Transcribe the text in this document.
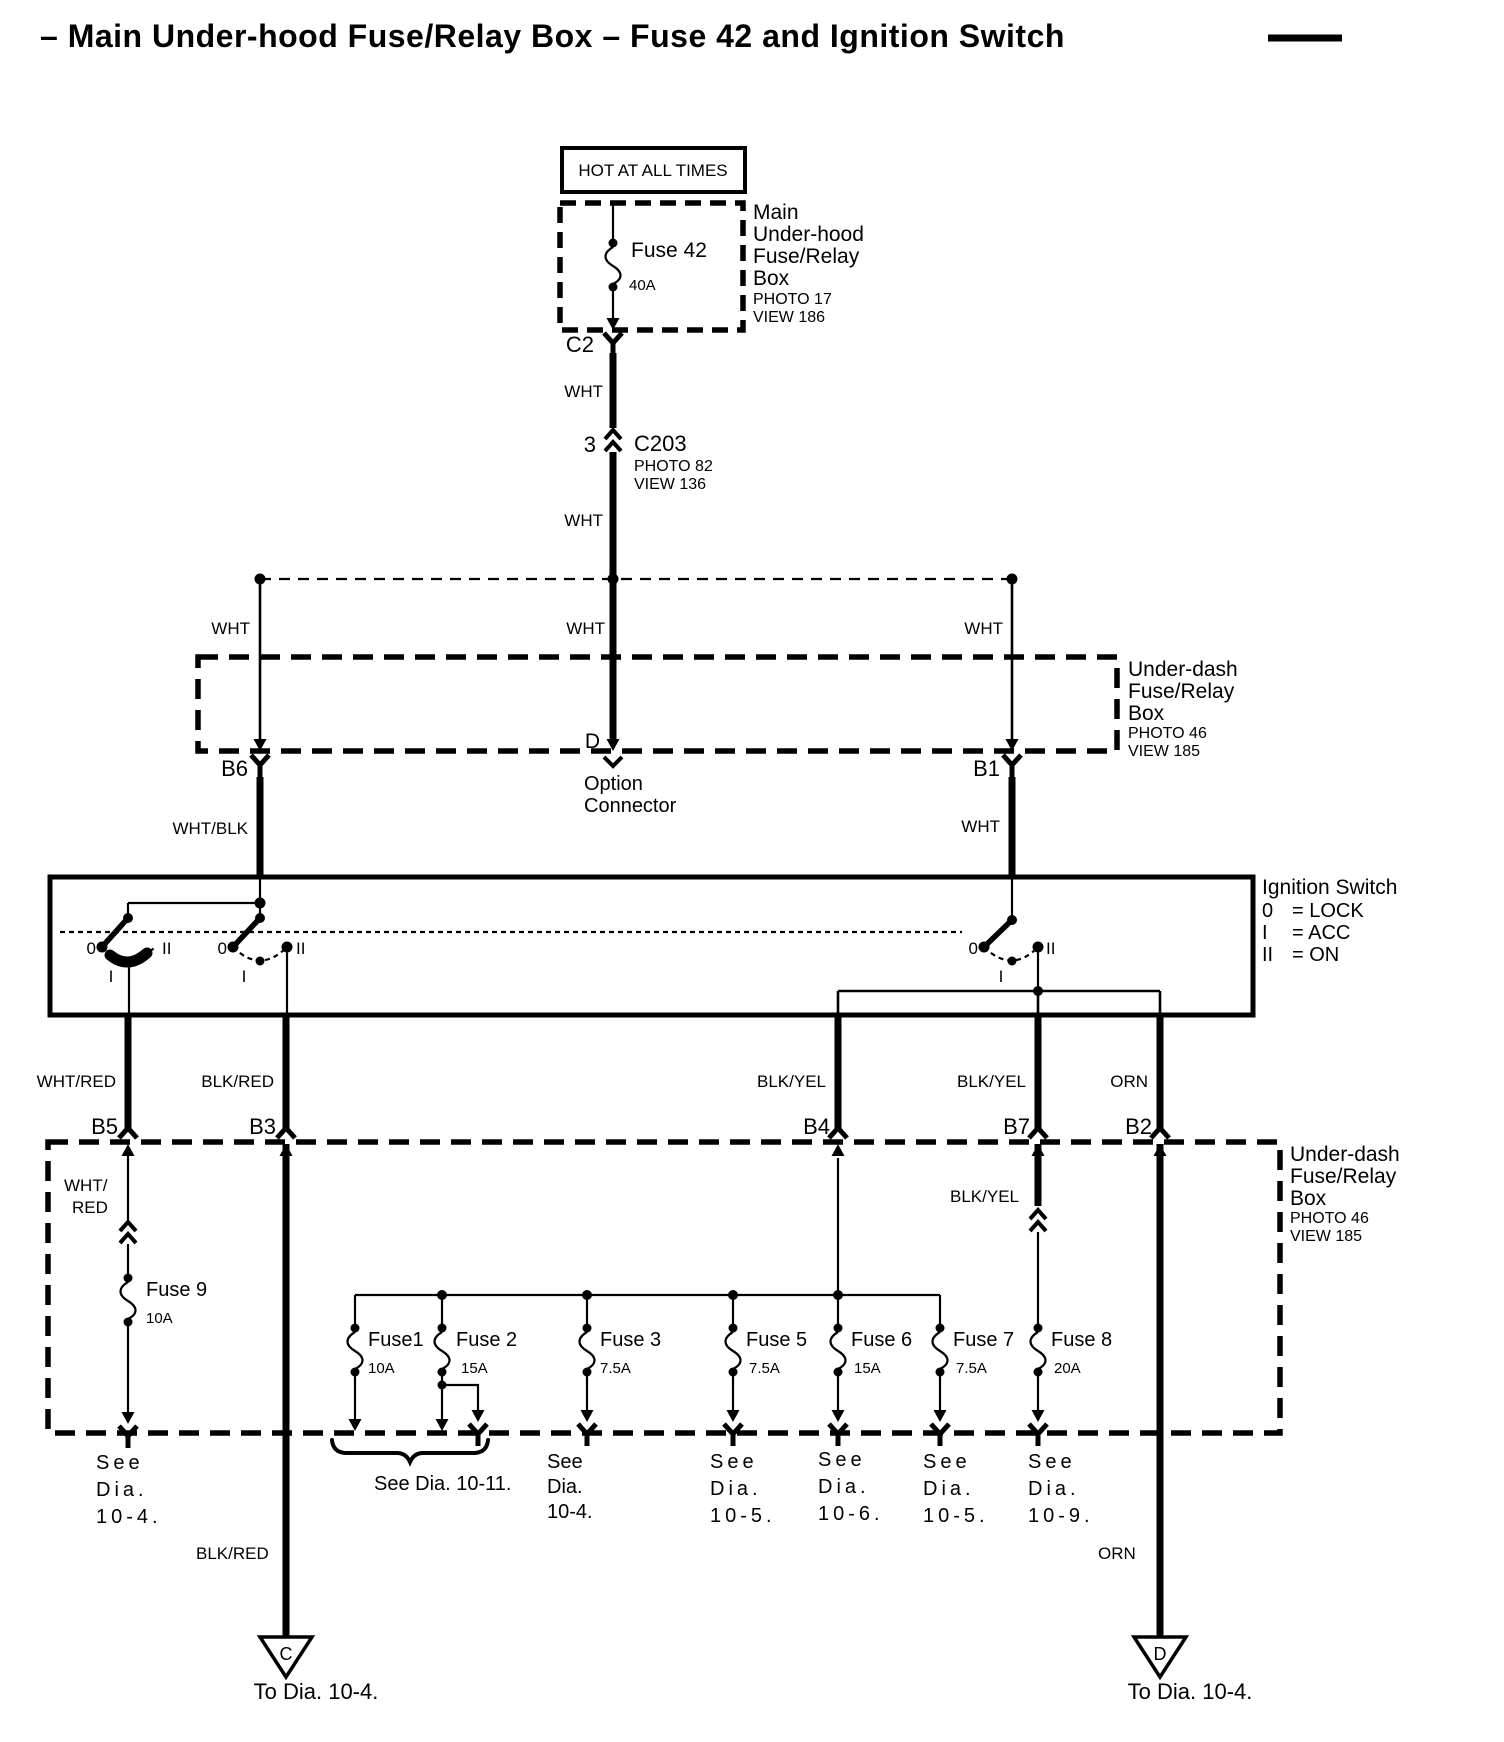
– Main Under-hood Fuse/Relay Box – Fuse 42 and Ignition Switch
HOT AT ALL TIMES
Fuse 42
40A
Main
Under-hood
Fuse/Relay
Box
PHOTO 17
VIEW 186
C2
WHT
3 C203
PHOTO 82
VIEW 136
WHT
WHT	WHT	WHT
Under-dash
Fuse/Relay
Box
PHOTO 46
VIEW 185
B6
D
B1
Option
Connector
WHT/BLK	WHT
Ignition Switch
0 = LOCK
I = ACC
II = ON
0	II
I
0	II
I
0	II
I
WHT/RED	BLK/RED	BLK/YEL	BLK/YEL	ORN
B5	B3	B4	B7	B2
Under-dash
Fuse/Relay
Box
PHOTO 46
VIEW 185
WHT/
RED
Fuse 9
10A
BLK/YEL
Fuse1
10A
Fuse 2
15A
Fuse 3
7.5A
Fuse 5
7.5A
Fuse 6
15A
Fuse 7
7.5A
Fuse 8
20A
See
Dia.
10-4.
See Dia. 10-11.
See
Dia.
10-4.
See
Dia.
10-5.
See
Dia.
10-6.
See
Dia.
10-5.
See
Dia.
10-9.
BLK/RED
C
To Dia. 10-4.
ORN
D
To Dia. 10-4.
